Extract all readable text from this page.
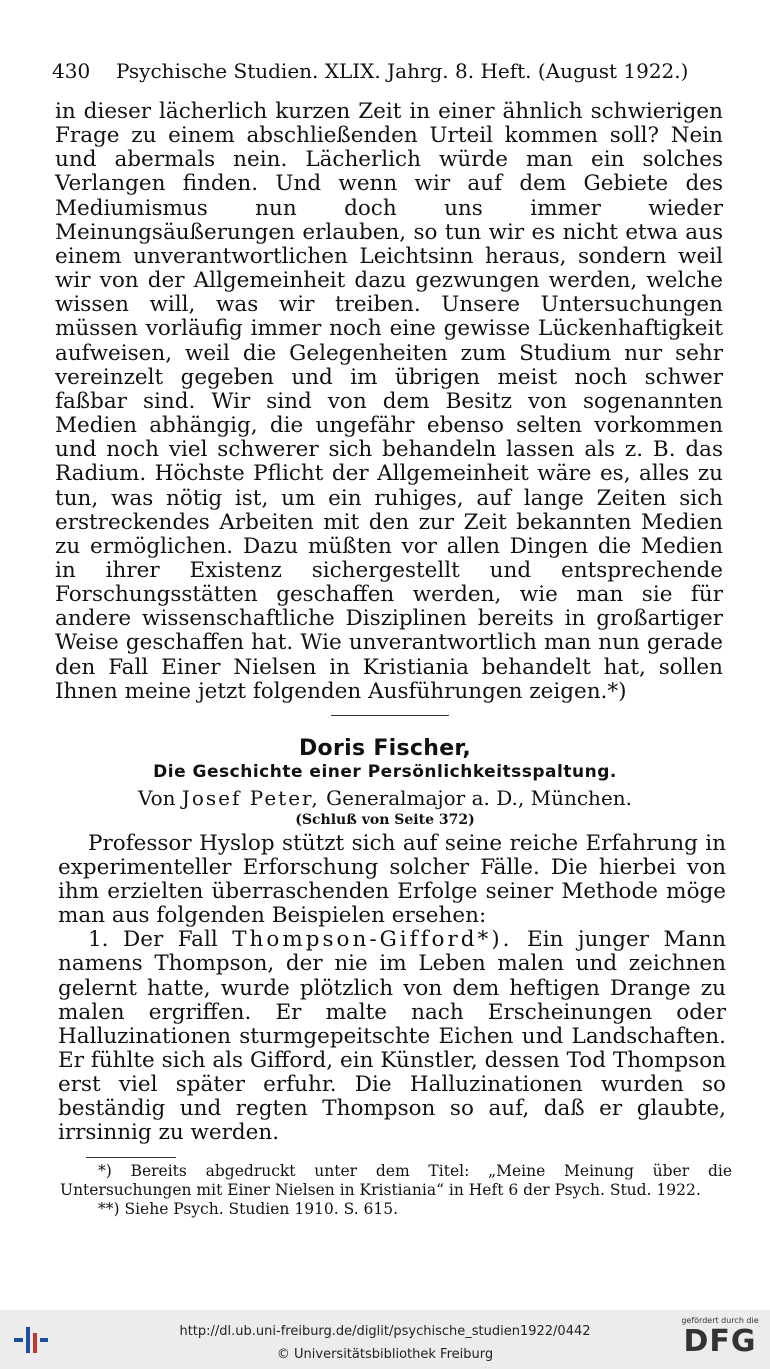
430 Psychische Studien. XLIX. Jahrg. 8. Heft. (August 1922.)

in dieser lächerlich kurzen Zeit in einer ähnlich schwierigen Frage zu einem abschließenden Urteil kommen soll? Nein und abermals nein. Lächerlich würde man ein solches Verlangen finden. Und wenn wir auf dem Gebiete des Mediumismus nun doch uns immer wieder Meinungsäußerungen erlauben, so tun wir es nicht etwa aus einem unverantwortlichen Leichtsinn heraus, sondern weil wir von der Allgemeinheit dazu gezwungen werden, welche wissen will, was wir treiben. Unsere Untersuchungen müssen vorläufig immer noch eine gewisse Lückenhaftigkeit aufweisen, weil die Gelegenheiten zum Studium nur sehr vereinzelt gegeben und im übrigen meist noch schwer faßbar sind. Wir sind von dem Besitz von sogenannten Medien abhängig, die ungefähr ebenso selten vorkommen und noch viel schwerer sich behandeln lassen als z. B. das Radium. Höchste Pflicht der Allgemeinheit wäre es, alles zu tun, was nötig ist, um ein ruhiges, auf lange Zeiten sich erstreckendes Arbeiten mit den zur Zeit bekannten Medien zu ermöglichen. Dazu müßten vor allen Dingen die Medien in ihrer Existenz sichergestellt und entsprechende Forschungsstätten geschaffen werden, wie man sie für andere wissenschaftliche Disziplinen bereits in großartiger Weise geschaffen hat. Wie unverantwortlich man nun gerade den Fall Einer Nielsen in Kristiania behandelt hat, sollen Ihnen meine jetzt folgenden Ausführungen zeigen.*)

Doris Fischer,
Die Geschichte einer Persönlichkeitsspaltung.
Von Josef Peter, Generalmajor a. D., München.
(Schluß von Seite 372)

Professor Hyslop stützt sich auf seine reiche Erfahrung in experimenteller Erforschung solcher Fälle. Die hierbei von ihm erzielten überraschenden Erfolge seiner Methode möge man aus folgenden Beispielen ersehen:

1. Der Fall Thompson-Gifford*). Ein junger Mann namens Thompson, der nie im Leben malen und zeichnen gelernt hatte, wurde plötzlich von dem heftigen Drange zu malen ergriffen. Er malte nach Erscheinungen oder Halluzinationen sturmgepeitschte Eichen und Landschaften. Er fühlte sich als Gifford, ein Künstler, dessen Tod Thompson erst viel später erfuhr. Die Halluzinationen wurden so beständig und regten Thompson so auf, daß er glaubte, irrsinnig zu werden.

*) Bereits abgedruckt unter dem Titel: „Meine Meinung über die Untersuchungen mit Einer Nielsen in Kristiania“ in Heft 6 der Psych. Stud. 1922.

**) Siehe Psych. Studien 1910. S. 615.

http://dl.ub.uni-freiburg.de/diglit/psychische_studien1922/0442
© Universitätsbibliothek Freiburg
gefördert durch die
DFG
